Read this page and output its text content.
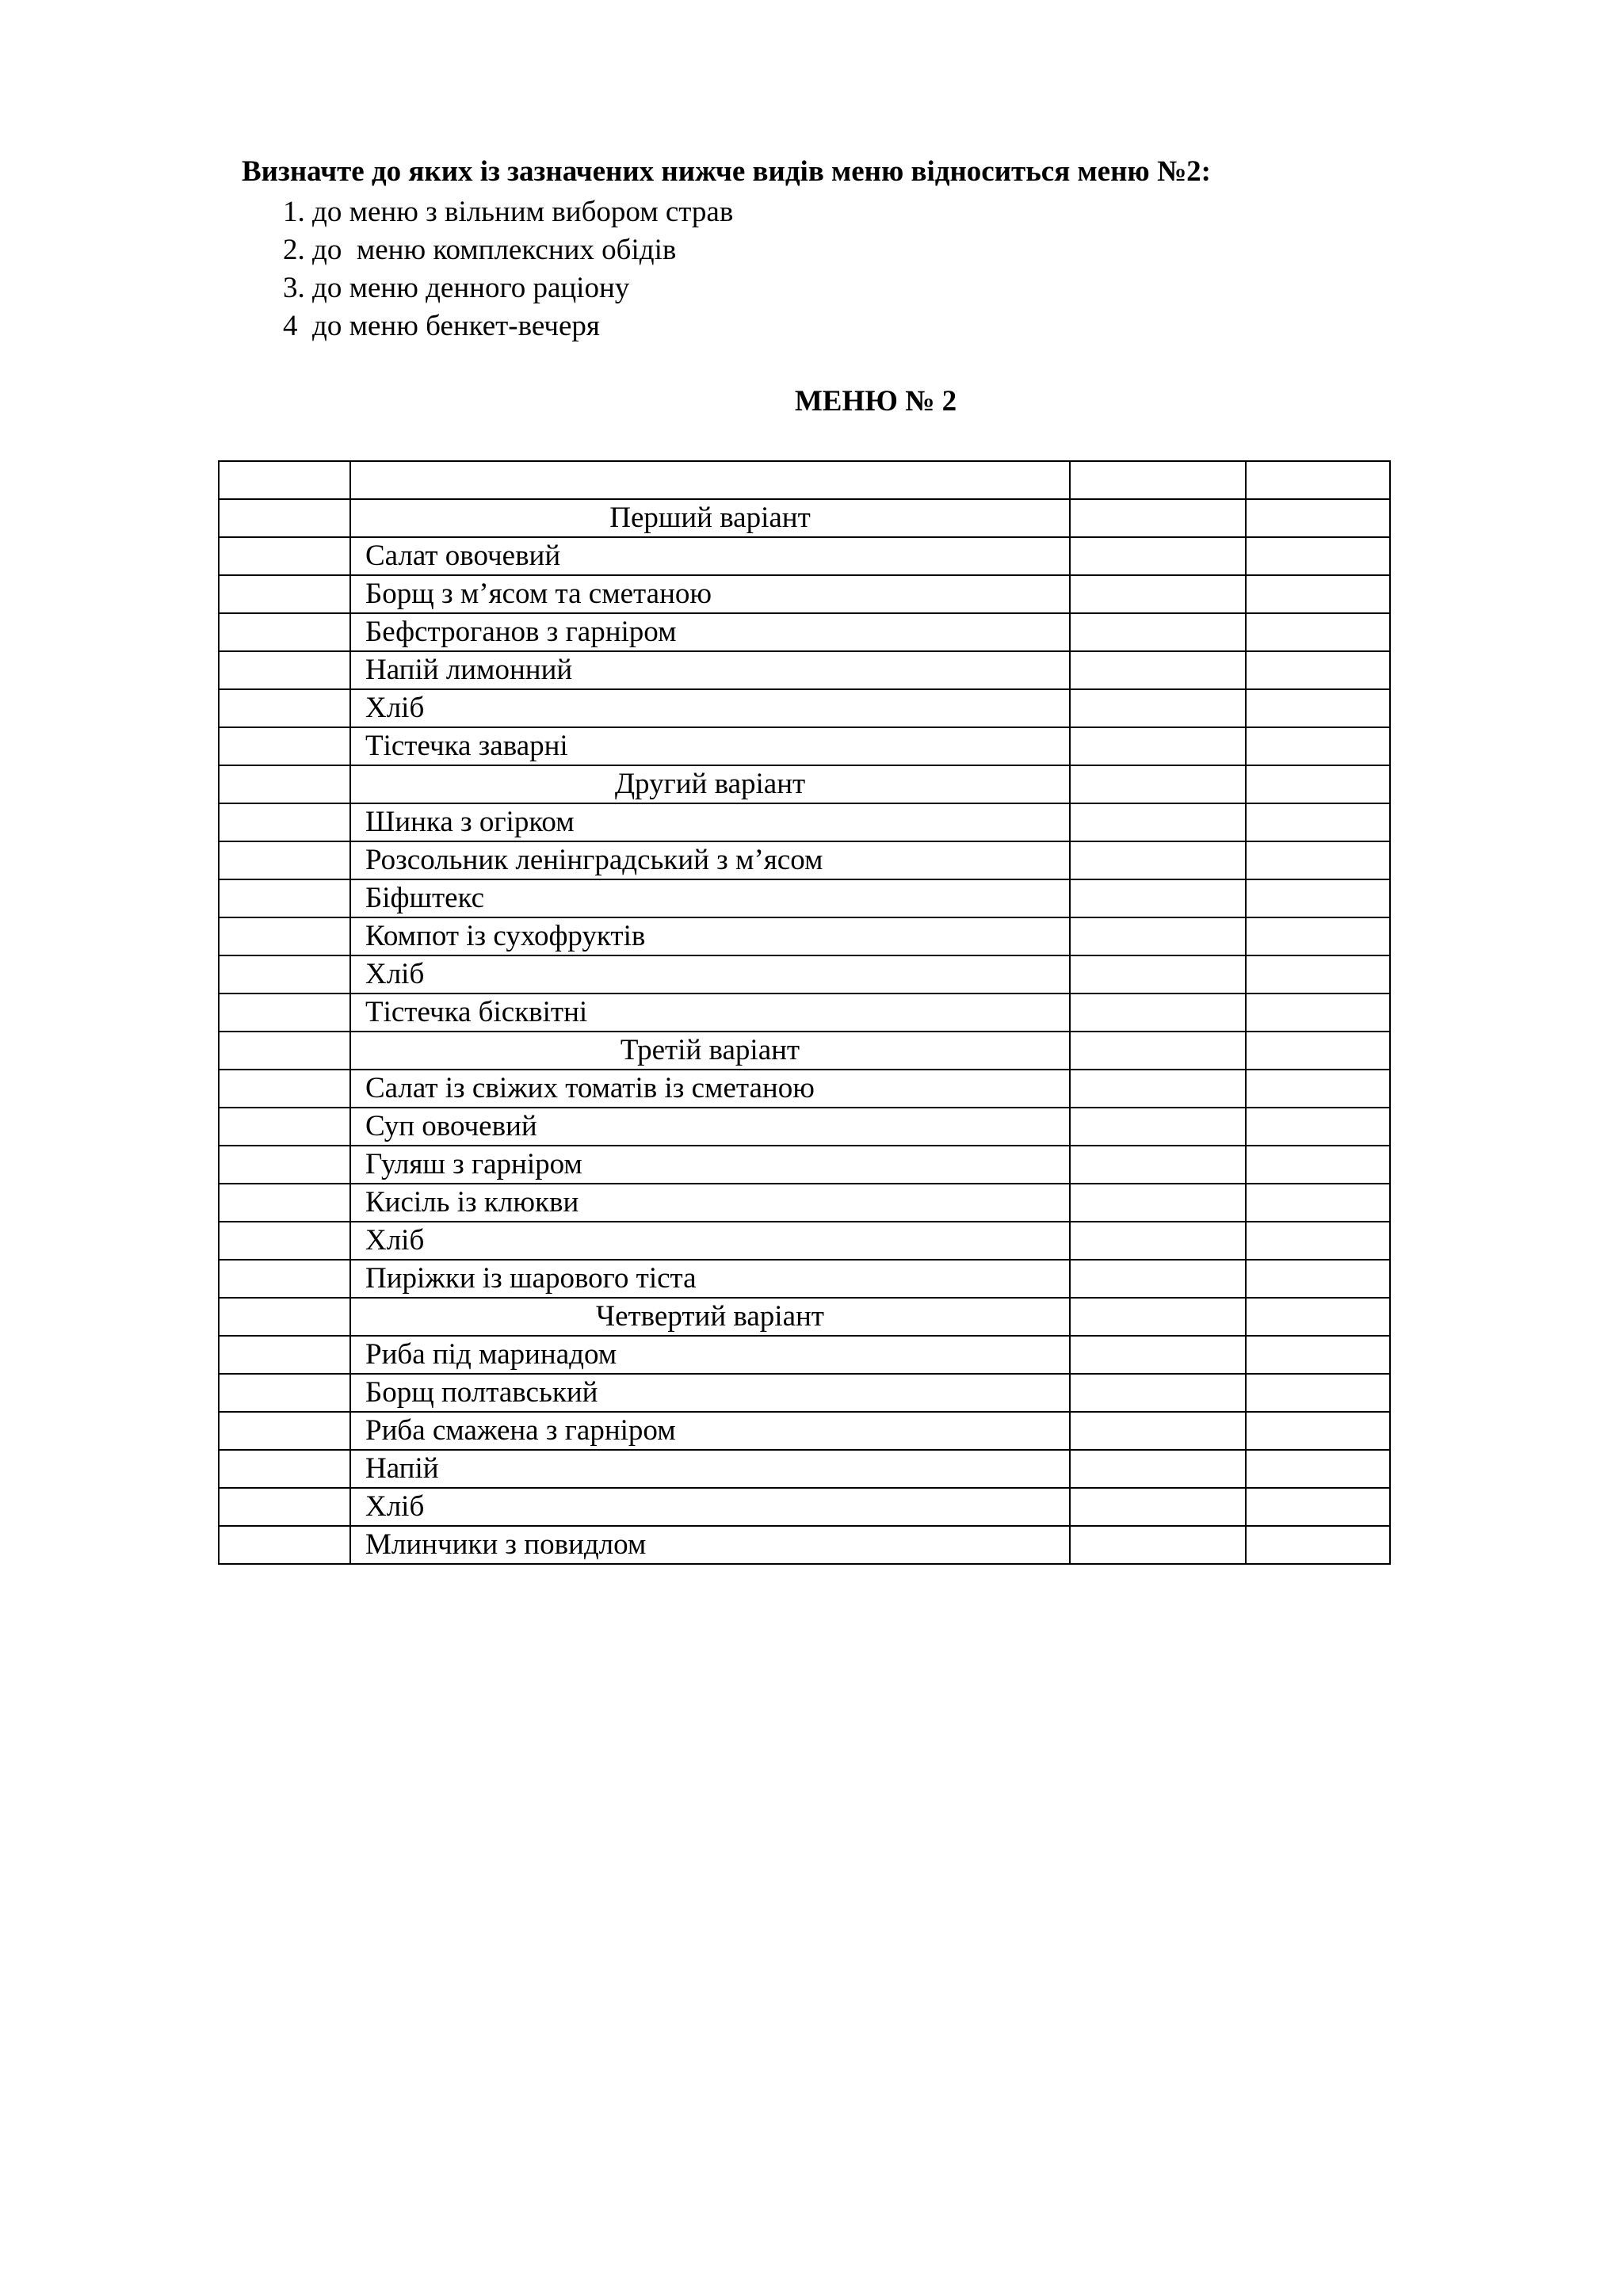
Визначте до яких із зазначених нижче видів меню відноситься меню №2:
1. до меню з вільним вибором страв
2. до  меню комплексних обідів
3. до меню денного раціону
4  до меню бенкет-вечеря
МЕНЮ № 2

	Перший варіант		
	Салат овочевий		
	Борщ з м’ясом та сметаною		
	Бефстроганов з гарніром		
	Напій лимонний		
	Хліб		
	Тістечка заварні		
	Другий варіант		
	Шинка з огірком		
	Розсольник ленінградський з м’ясом		
	Біфштекс		
	Компот із сухофруктів		
	Хліб		
	Тістечка бісквітні		
	Третій варіант		
	Салат із свіжих томатів із сметаною		
	Суп овочевий		
	Гуляш з гарніром		
	Кисіль із клюкви		
	Хліб		
	Пиріжки із шарового тіста		
	Четвертий варіант		
	Риба під маринадом		
	Борщ полтавський		
	Риба смажена з гарніром		
	Напій		
	Хліб		
	Млинчики з повидлом		
